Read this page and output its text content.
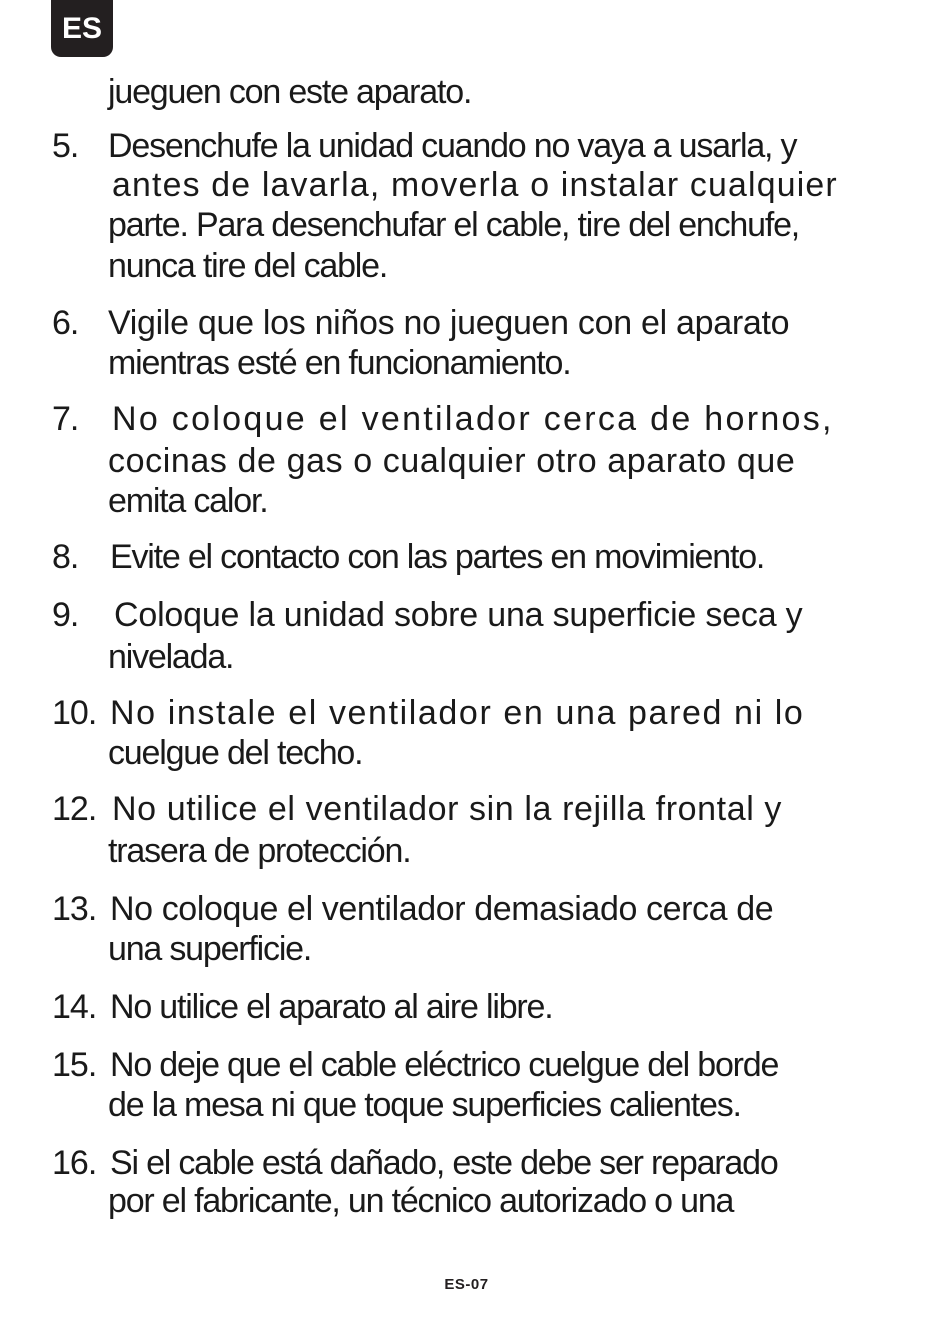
ES
jueguen con este aparato.
5. Desenchufe la unidad cuando no vaya a usarla, y
antes de lavarla, moverla o instalar cualquier
parte. Para desenchufar el cable, tire del enchufe,
nunca tire del cable.
6. Vigile que los niños no jueguen con el aparato
mientras esté en funcionamiento.
7. No coloque el ventilador cerca de hornos,
cocinas de gas o cualquier otro aparato que
emita calor.
8. Evite el contacto con las partes en movimiento.
9. Coloque la unidad sobre una superficie seca y
nivelada.
10. No instale el ventilador en una pared ni lo
cuelgue del techo.
12. No utilice el ventilador sin la rejilla frontal y
trasera de protección.
13. No coloque el ventilador demasiado cerca de
una superficie.
14. No utilice el aparato al aire libre.
15. No deje que el cable eléctrico cuelgue del borde
de la mesa ni que toque superficies calientes.
16. Si el cable está dañado, este debe ser reparado
por el fabricante, un técnico autorizado o una
ES-07
